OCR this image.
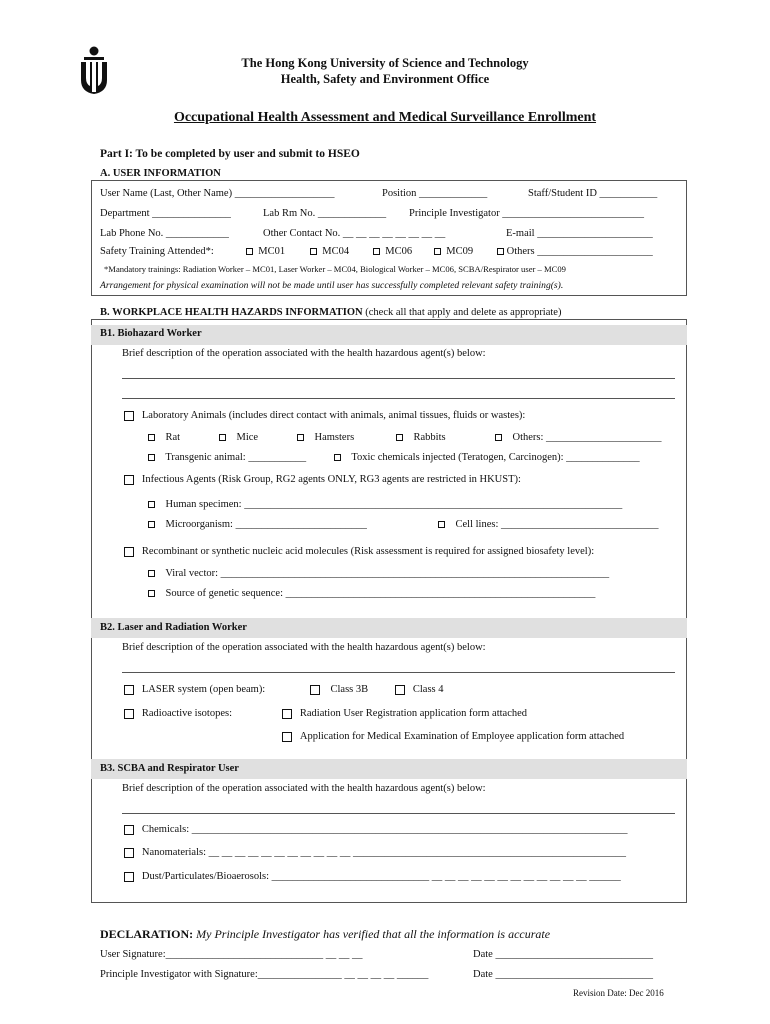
The Hong Kong University of Science and Technology
Health, Safety and Environment Office
Occupational Health Assessment and Medical Surveillance Enrollment
Part I: To be completed by user and submit to HSEO
A. USER INFORMATION
User Name (Last, Other Name) ___________________	Position _____________	Staff/Student ID ___________
Department _______________	Lab Rm No. _____________ Principle Investigator ___________________________
Lab Phone No. ____________	Other Contact No. __ __ __ __ __ __ __ __	E-mail ______________________
Safety Training Attended*:	MC01	MC04	MC06	MC09	Others ______________________
*Mandatory trainings: Radiation Worker – MC01, Laser Worker – MC04, Biological Worker – MC06, SCBA/Respirator user – MC09
Arrangement for physical examination will not be made until user has successfully completed relevant safety training(s).
B. WORKPLACE HEALTH HAZARDS INFORMATION (check all that apply and delete as appropriate)
B1. Biohazard Worker
Brief description of the operation associated with the health hazardous agent(s) below:
Laboratory Animals (includes direct contact with animals, animal tissues, fluids or wastes):
Rat	Mice	Hamsters	Rabbits	Others: ______________________
Transgenic animal: ___________	Toxic chemicals injected (Teratogen, Carcinogen): ______________
Infectious Agents (Risk Group, RG2 agents ONLY, RG3 agents are restricted in HKUST):
Human specimen: ________________________________________________________________________
Microorganism: _________________________	Cell lines: ______________________________
Recombinant or synthetic nucleic acid molecules (Risk assessment is required for assigned biosafety level):
Viral vector: __________________________________________________________________________
Source of genetic sequence: ___________________________________________________________
B2. Laser and Radiation Worker
Brief description of the operation associated with the health hazardous agent(s) below:
LASER system (open beam):	Class 3B	Class 4
Radioactive isotopes:	Radiation User Registration application form attached
Application for Medical Examination of Employee application form attached
B3. SCBA and Respirator User
Brief description of the operation associated with the health hazardous agent(s) below:
Chemicals: ___________________________________________________________________________________
Nanomaterials: __ __ __ __ __ __ __ __ __ __ __ ____________________________________________________
Dust/Particulates/Bioaerosols: ______________________________ __ __ __ __ __ __ __ __ __ __ __ __ ______
DECLARATION: My Principle Investigator has verified that all the information is accurate
User Signature:______________________________ __ __ __	Date ______________________________
Principle Investigator with Signature:________________ __ __ __ __ ______	Date ______________________________
Revision Date: Dec 2016
